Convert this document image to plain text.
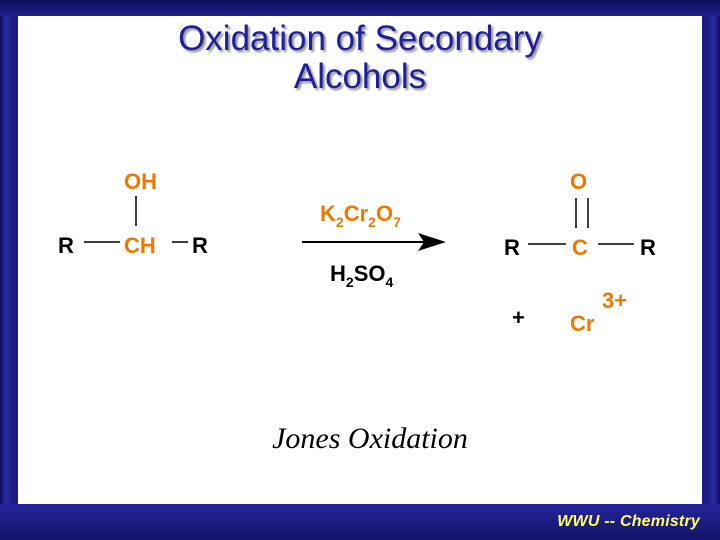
Oxidation of Secondary
Alcohols
OH
R CH R
$K_2Cr_2O_7$
$H_2SO_4$
O
R C R
+ Cr
3+
Jones Oxidation
WWU -- Chemistry
